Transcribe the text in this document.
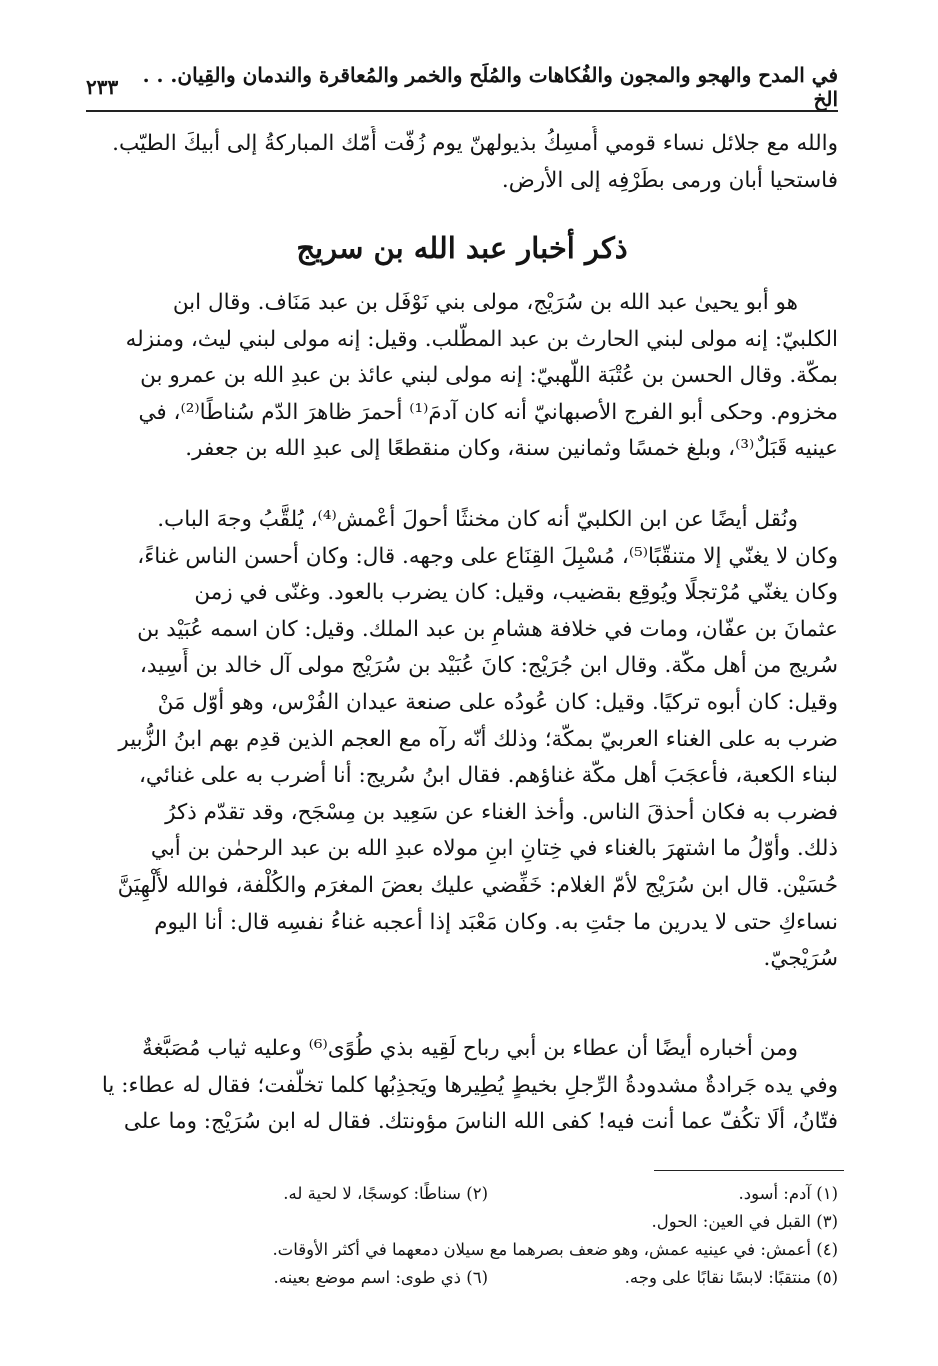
في المدح والهجو والمجون والفُكاهات والمُلَح والخمر والمُعاقرة والندمان والقِيان. . . الخ
٢٣٣
والله مع جلائل نساء قومي أُمسِكُ بذيولهنّ يوم زُفّت أُمّك المباركةُ إلى أبيكَ الطيّب.
فاستحيا أبان ورمى بطَرْفِه إلى الأرض.
ذكر أخبار عبد الله بن سريج
هو أبو يحيىٰ عبد الله بن سُرَيْج، مولى بني نَوْفَل بن عبد مَنَاف. وقال ابن
الكلبيّ: إنه مولى لبني الحارث بن عبد المطّلب. وقيل: إنه مولى لبني ليث، ومنزله
بمكّة. وقال الحسن بن عُتْبَة اللّهبيّ: إنه مولى لبني عائذ بن عبدِ الله بن عمرو بن
مخزوم. وحكى أبو الفرج الأصبهانيّ أنه كان آدمَ⁽¹⁾ أحمرَ ظاهرَ الدّم سُناطًا⁽²⁾، في
عينيه قَبَلٌ⁽³⁾، وبلغ خمسًا وثمانين سنة، وكان منقطعًا إلى عبدِ الله بن جعفر.
ونُقل أيضًا عن ابن الكلبيّ أنه كان مخنثًا أحولَ أعْمش⁽⁴⁾، يُلقَّبُ وجهَ الباب.
وكان لا يغنّي إلا متنقّبًا⁽⁵⁾، مُسْبِلَ القِنَاع على وجهه. قال: وكان أحسن الناس غناءً،
وكان يغنّي مُرْتجلًا ويُوقِع بقضيب، وقيل: كان يضرب بالعود. وغنّى في زمن
عثمانَ بن عفّان، ومات في خلافة هشامِ بن عبد الملك. وقيل: كان اسمه عُبَيْد بن
سُريج من أهل مكّة. وقال ابن جُرَيْج: كانَ عُبَيْد بن سُرَيْج مولى آل خالد بن أَسِيد،
وقيل: كان أبوه تركيًا. وقيل: كان عُودُه على صنعة عيدان الفُرْس، وهو أوّل مَنْ
ضرب به على الغناء العربيّ بمكّة؛ وذلك أنّه رآه مع العجم الذين قدِم بهم ابنُ الزُّبير
لبناء الكعبة، فأعجَبَ أهل مكّة غناؤهم. فقال ابنُ سُريج: أنا أضرب به على غنائي،
فضرب به فكان أحذقَ الناس. وأخذ الغناء عن سَعِيد بن مِسْجَح، وقد تقدّم ذكرُ
ذلك. وأوّلُ ما اشتهرَ بالغناء في خِتانِ ابنِ مولاه عبدِ الله بن عبد الرحمٰن بن أبي
حُسَيْن. قال ابن سُرَيْج لأمّ الغلام: خَفِّضي عليك بعضَ المغرَم والكُلْفة، فوالله لأُلْهِيَنَّ
نساءكِ حتى لا يدرين ما جئتِ به. وكان مَعْبَد إذا أعجبه غناءُ نفسِه قال: أنا اليوم
سُرَيْجيّ.
ومن أخباره أيضًا أن عطاء بن أبي رباح لَقِيه بذي طُوًى⁽⁶⁾ وعليه ثياب مُصَبَّغةٌ
وفي يده جَرادةٌ مشدودةُ الرِّجلِ بخيطٍ يُطِيرها ويَجذِبُها كلما تخلّفت؛ فقال له عطاء: يا
فتّانُ، ألَا تكُفّ عما أنت فيه! كفى الله الناسَ مؤونتك. فقال له ابن سُرَيْج: وما على
(١) آدم: أسود.
(٢) سناطًا: كوسجًا، لا لحية له.
(٣) القبل في العين: الحول.
(٤) أعمش: في عينيه عمش، وهو ضعف بصرهما مع سيلان دمعهما في أكثر الأوقات.
(٥) منتقبًا: لابسًا نقابًا على وجه.
(٦) ذي طوى: اسم موضع بعينه.
